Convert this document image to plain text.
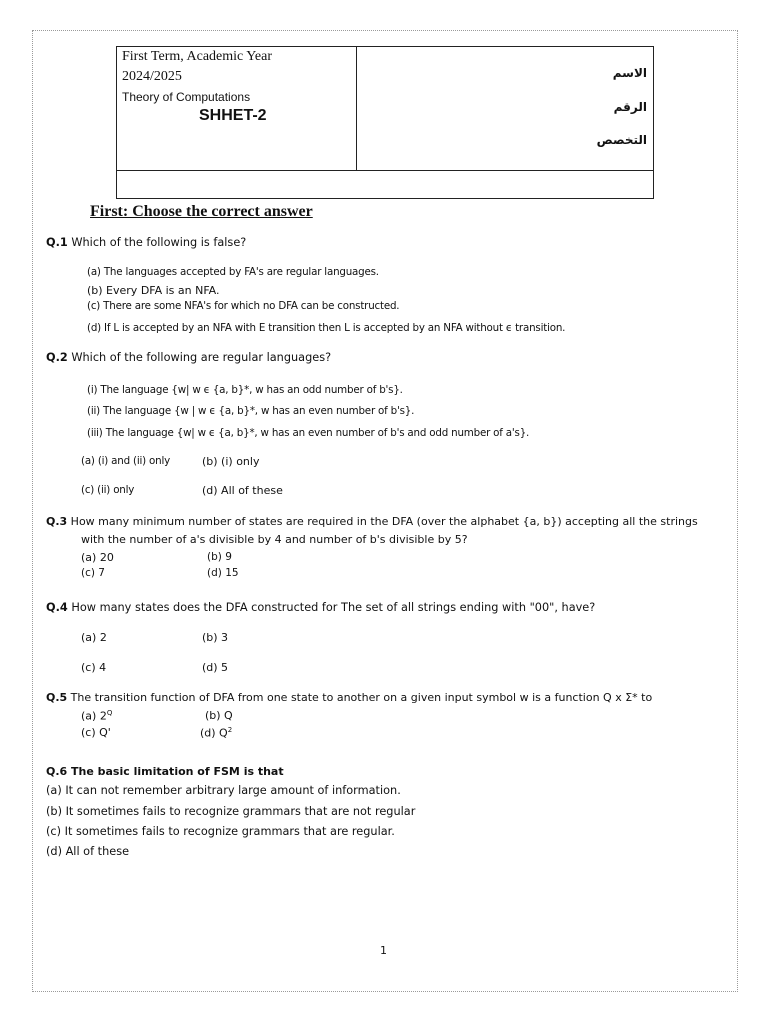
First Term, Academic Year
2024/2025
Theory of Computations
SHHET-2
الاسم
الرقم
التخصص
First: Choose the correct answer
Q.1 Which of the following is false?
(a) The languages accepted by FA's are regular languages.
(b) Every DFA is an NFA.
(c) There are some NFA's for which no DFA can be constructed.
(d) If L is accepted by an NFA with Ε transition then L is accepted by an NFA without ϵ transition.
Q.2 Which of the following are regular languages?
(i) The language {w| w ϵ {a, b}*, w has an odd number of b's}.
(ii) The language {w | w ϵ {a, b}*, w has an even number of b's}.
(iii) The language {w| w ϵ {a, b}*, w has an even number of b's and odd number of a's}.
(a) (i) and (ii) only	(b) (i) only
(c) (ii) only	(d) All of these
Q.3 How many minimum number of states are required in the DFA (over the alphabet {a, b}) accepting all the strings
with the number of a's divisible by 4 and number of b's divisible by 5?
(a) 20	(b) 9
(c) 7	(d) 15
Q.4 How many states does the DFA constructed for The set of all strings ending with "00", have?
(a) 2	(b) 3
(c) 4	(d) 5
Q.5 The transition function of DFA from one state to another on a given input symbol w is a function Q x Σ* to
(a) $2^Q$	(b) Q
(c) Q'	(d) $Q^2$
Q.6 The basic limitation of FSM is that
(a) It can not remember arbitrary large amount of information.
(b) It sometimes fails to recognize grammars that are not regular
(c) It sometimes fails to recognize grammars that are regular.
(d) All of these
1
